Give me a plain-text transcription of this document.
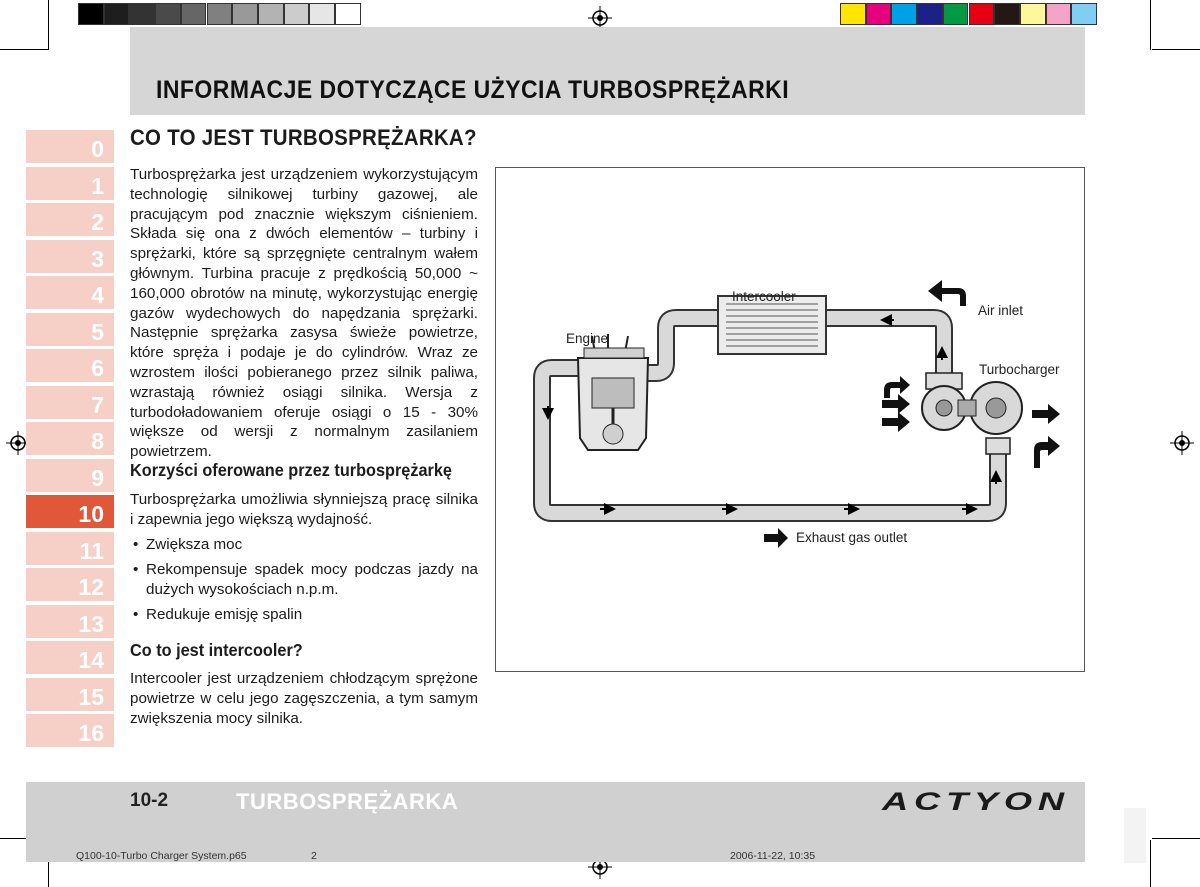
INFORMACJE DOTYCZĄCE UŻYCIA TURBOSPRĘŻARKI
0
1
2
3
4
5
6
7
8
9
10
11
12
13
14
15
16
CO TO JEST TURBOSPRĘŻARKA?
Turbosprężarka jest urządzeniem wykorzystującym technologię silnikowej turbiny gazowej, ale pracującym pod znacznie większym ciśnieniem. Składa się ona z dwóch elementów – turbiny i sprężarki, które są sprzęgnięte centralnym wałem głównym. Turbina pracuje z prędkością 50,000 ~ 160,000 obrotów na minutę, wykorzystując energię gazów wydechowych do napędzania sprężarki. Następnie sprężarka zasysa świeże powietrze, które spręża i podaje je do cylindrów. Wraz ze wzrostem ilości pobieranego przez silnik paliwa, wzrastają również osiągi silnika. Wersja z turbodoładowaniem oferuje osiągi o 15 - 30% większe od wersji z normalnym zasilaniem powietrzem.
Korzyści oferowane przez turbosprężarkę
Turbosprężarka umożliwia słynniejszą pracę silnika i zapewnia jego większą wydajność.
• Zwiększa moc
• Rekompensuje spadek mocy podczas jazdy na dużych wysokościach n.p.m.
• Redukuje emisję spalin
Co to jest intercooler?
Intercooler jest urządzeniem chłodzącym sprężone powietrze w celu jego zagęszczenia, a tym samym zwiększenia mocy silnika.
Intercooler
Air inlet
Engine
Turbocharger
Exhaust gas outlet
10-2	TURBOSPRĘŻARKA	ACTYON
Q100-10-Turbo Charger System.p65	2	2006-11-22, 10:35
